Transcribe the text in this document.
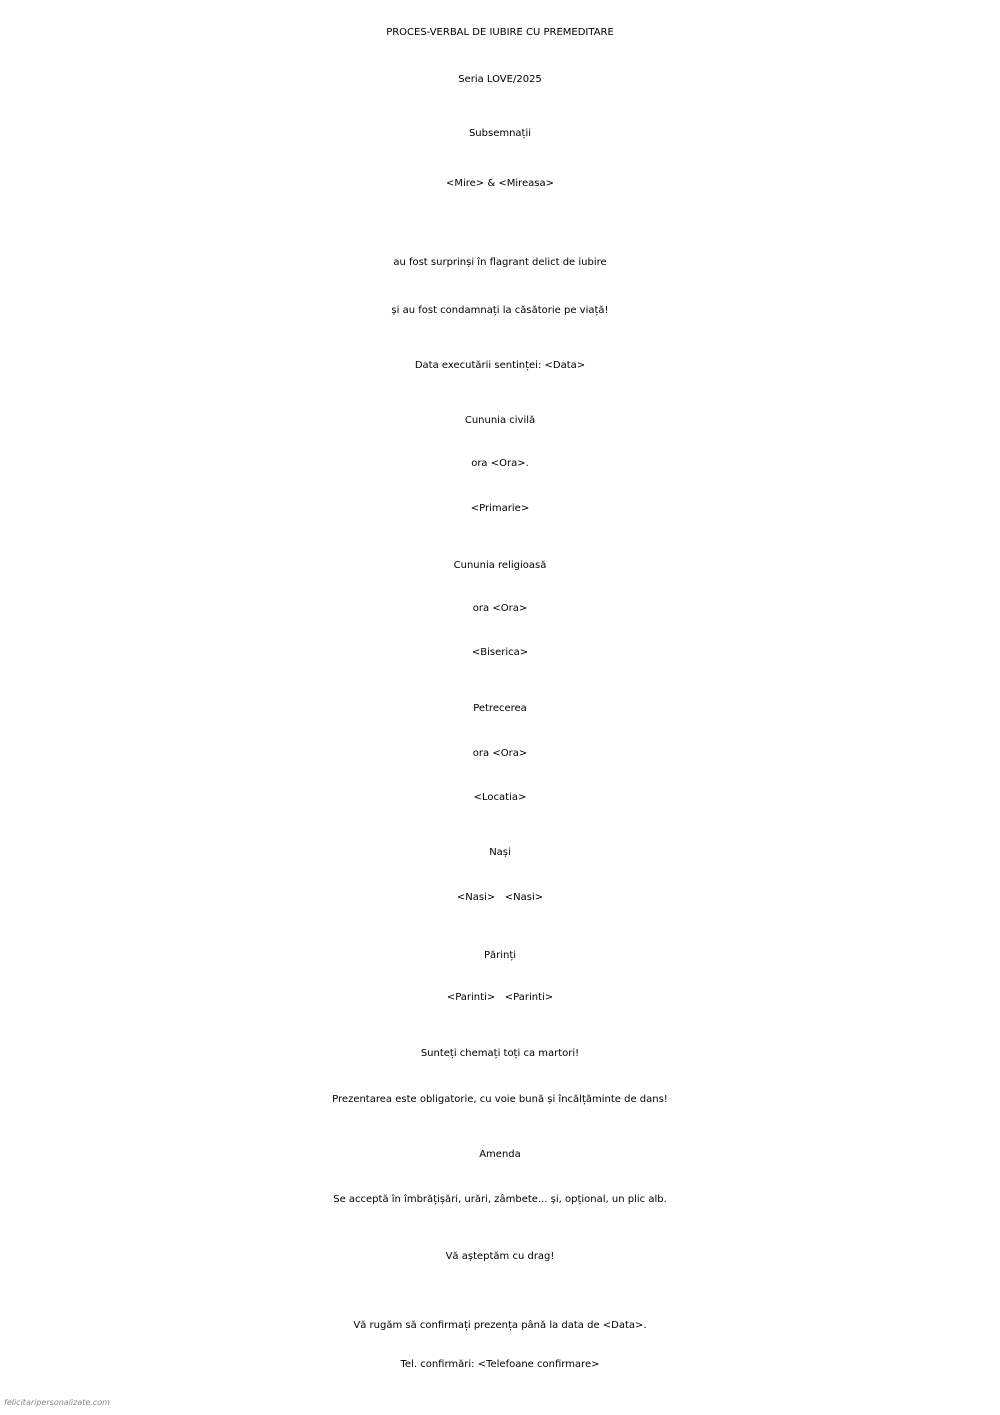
PROCES-VERBAL DE IUBIRE CU PREMEDITARE
Seria LOVE/2025
Subsemnații
<Mire> & <Mireasa>
au fost surprinși în flagrant delict de iubire
și au fost condamnați la căsătorie pe viață!
Data executării sentinței: <Data>
Cununia civilă
ora <Ora>.
<Primarie>
Cununia religioasă
ora <Ora>
<Biserica>
Petrecerea
ora <Ora>
<Locatia>
Nași
<Nasi>   <Nasi>
Părinți
<Parinti>   <Parinti>
Sunteți chemați toți ca martori!
Prezentarea este obligatorie, cu voie bună și încălțăminte de dans!
Amenda
Se acceptă în îmbrățișări, urări, zâmbete... și, opțional, un plic alb.
Vă așteptăm cu drag!
Vă rugăm să confirmați prezența până la data de <Data>.
Tel. confirmări: <Telefoane confirmare>
felicitaripersonalizate.com
